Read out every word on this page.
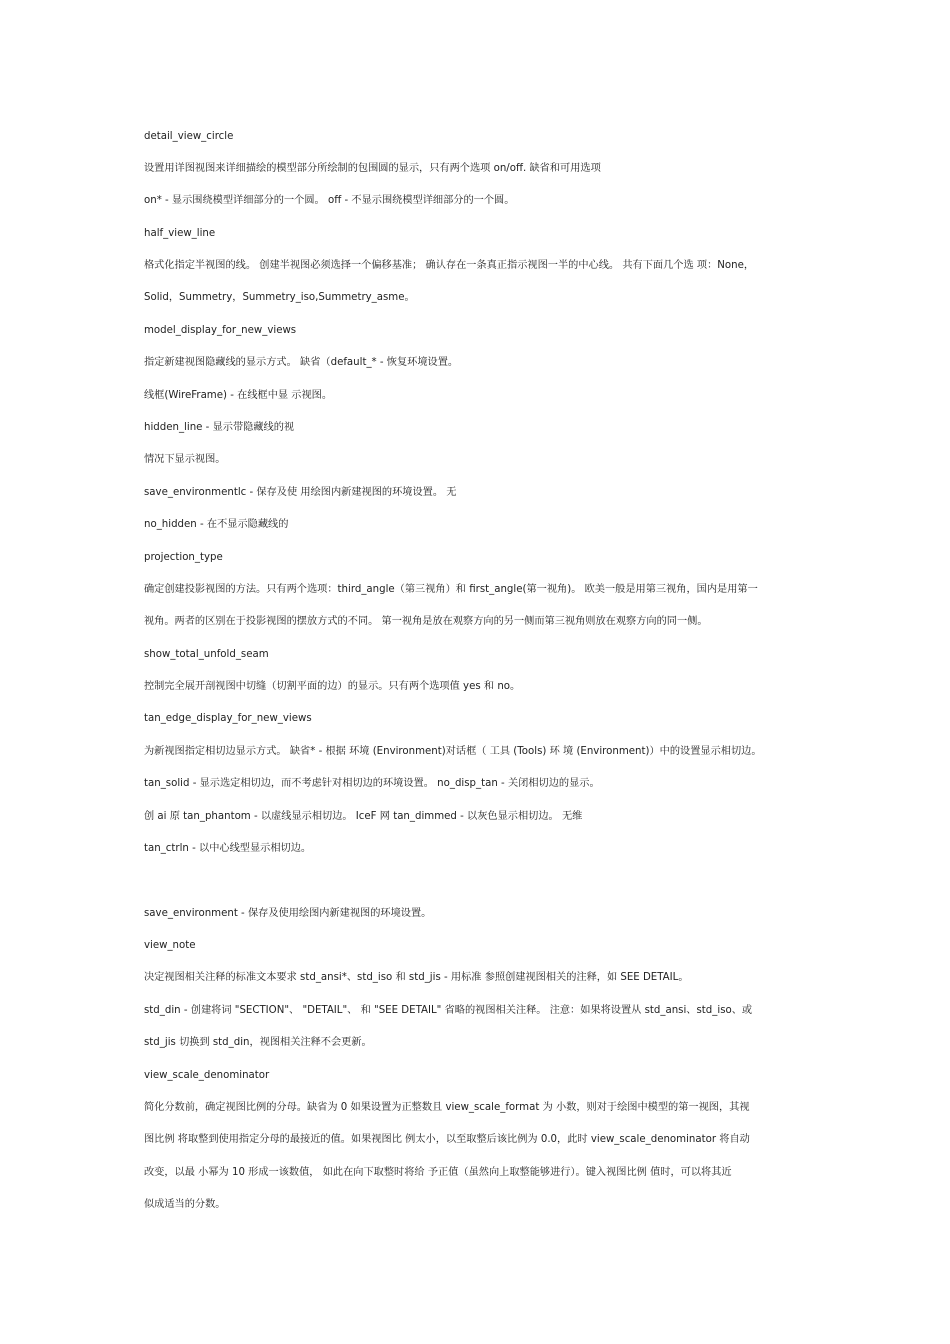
detail_view_circle
设置用详图视图来详细描绘的模型部分所绘制的包围圆的显示，只有两个选项 on/off. 缺省和可用选项
on* - 显示围绕模型详细部分的一个圆。 off - 不显示围绕模型详细部分的一个圆。
half_view_line
格式化指定半视图的线。 创建半视图必须选择一个偏移基准； 确认存在一条真正指示视图一半的中心线。 共有下面几个选 项：None，
Solid，Summetry，Summetry_iso,Summetry_asme。
model_display_for_new_views
指定新建视图隐藏线的显示方式。 缺省（default_* - 恢复环境设置。
线框(WireFrame) - 在线框中显 示视图。
hidden_line - 显示带隐藏线的视
情况下显示视图。
save_environmentlc - 保存及使 用绘图内新建视图的环境设置。 无
no_hidden - 在不显示隐藏线的
projection_type
确定创建投影视图的方法。只有两个选项：third_angle（第三视角）和 first_angle(第一视角)。 欧美一般是用第三视角，国内是用第一
视角。两者的区别在于投影视图的摆放方式的不同。 第一视角是放在观察方向的另一侧而第三视角则放在观察方向的同一侧。
show_total_unfold_seam
控制完全展开剖视图中切缝（切割平面的边）的显示。只有两个选项值 yes 和 no。
tan_edge_display_for_new_views
为新视图指定相切边显示方式。 缺省* - 根据 环境 (Environment)对话框（ 工具 (Tools) 环 境 (Environment)）中的设置显示相切边。
tan_solid - 显示选定相切边，而不考虑针对相切边的环境设置。 no_disp_tan - 关闭相切边的显示。
创 ai 原 tan_phantom - 以虚线显示相切边。 IceF 网 tan_dimmed - 以灰色显示相切边。 无维
tan_ctrln - 以中心线型显示相切边。
save_environment - 保存及使用绘图内新建视图的环境设置。
view_note
决定视图相关注释的标准文本要求 std_ansi*、std_iso 和 std_jis - 用标准 参照创建视图相关的注释，如 SEE DETAIL。
std_din - 创建将词 "SECTION"、 "DETAIL"、 和 "SEE DETAIL" 省略的视图相关注释。 注意：如果将设置从 std_ansi、std_iso、或
std_jis 切换到 std_din，视图相关注释不会更新。
view_scale_denominator
简化分数前，确定视图比例的分母。缺省为 0 如果设置为正整数且 view_scale_format 为 小数，则对于绘图中模型的第一视图，其视
图比例 将取整到使用指定分母的最接近的值。如果视图比 例太小，以至取整后该比例为 0.0，此时 view_scale_denominator 将自动
改变，以最 小幂为 10 形成一该数值， 如此在向下取整时将给 予正值（虽然向上取整能够进行）。键入视图比例 值时，可以将其近
似成适当的分数。
